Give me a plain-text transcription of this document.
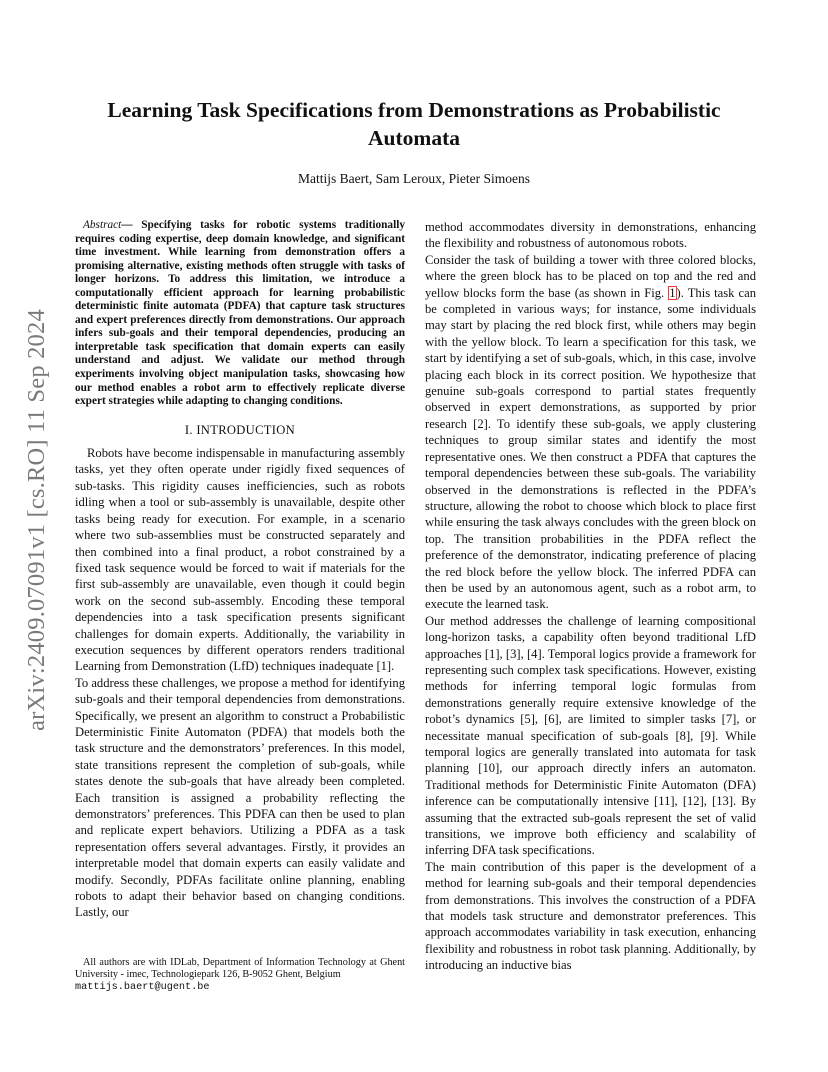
arXiv:2409.07091v1 [cs.RO] 11 Sep 2024
Learning Task Specifications from Demonstrations as Probabilistic Automata
Mattijs Baert, Sam Leroux, Pieter Simoens

Abstract— Specifying tasks for robotic systems traditionally requires coding expertise, deep domain knowledge, and significant time investment. While learning from demonstration offers a promising alternative, existing methods often struggle with tasks of longer horizons. To address this limitation, we introduce a computationally efficient approach for learning probabilistic deterministic finite automata (PDFA) that capture task structures and expert preferences directly from demonstrations. Our approach infers sub-goals and their temporal dependencies, producing an interpretable task specification that domain experts can easily understand and adjust. We validate our method through experiments involving object manipulation tasks, showcasing how our method enables a robot arm to effectively replicate diverse expert strategies while adapting to changing conditions.

I. INTRODUCTION

Robots have become indispensable in manufacturing assembly tasks, yet they often operate under rigidly fixed sequences of sub-tasks. This rigidity causes inefficiencies, such as robots idling when a tool or sub-assembly is unavailable, despite other tasks being ready for execution. For example, in a scenario where two sub-assemblies must be constructed separately and then combined into a final product, a robot constrained by a fixed task sequence would be forced to wait if materials for the first sub-assembly are unavailable, even though it could begin work on the second sub-assembly. Encoding these temporal dependencies into a task specification presents significant challenges for domain experts. Additionally, the variability in execution sequences by different operators renders traditional Learning from Demonstration (LfD) techniques inadequate [1].

To address these challenges, we propose a method for identifying sub-goals and their temporal dependencies from demonstrations. Specifically, we present an algorithm to construct a Probabilistic Deterministic Finite Automaton (PDFA) that models both the task structure and the demonstrators’ preferences. In this model, state transitions represent the completion of sub-goals, while states denote the sub-goals that have already been completed. Each transition is assigned a probability reflecting the demonstrators’ preferences. This PDFA can then be used to plan and replicate expert behaviors. Utilizing a PDFA as a task representation offers several advantages. Firstly, it provides an interpretable model that domain experts can easily validate and modify. Secondly, PDFAs facilitate online planning, enabling robots to adapt their behavior based on changing conditions. Lastly, our

method accommodates diversity in demonstrations, enhancing the flexibility and robustness of autonomous robots.

Consider the task of building a tower with three colored blocks, where the green block has to be placed on top and the red and yellow blocks form the base (as shown in Fig. 1). This task can be completed in various ways; for instance, some individuals may start by placing the red block first, while others may begin with the yellow block. To learn a specification for this task, we start by identifying a set of sub-goals, which, in this case, involve placing each block in its correct position. We hypothesize that genuine sub-goals correspond to partial states frequently observed in expert demonstrations, as supported by prior research [2]. To identify these sub-goals, we apply clustering techniques to group similar states and identify the most representative ones. We then construct a PDFA that captures the temporal dependencies between these sub-goals. The variability observed in the demonstrations is reflected in the PDFA’s structure, allowing the robot to choose which block to place first while ensuring the task always concludes with the green block on top. The transition probabilities in the PDFA reflect the preference of the demonstrator, indicating preference of placing the red block before the yellow block. The inferred PDFA can then be used by an autonomous agent, such as a robot arm, to execute the learned task.

Our method addresses the challenge of learning compositional long-horizon tasks, a capability often beyond traditional LfD approaches [1], [3], [4]. Temporal logics provide a framework for representing such complex task specifications. However, existing methods for inferring temporal logic formulas from demonstrations generally require extensive knowledge of the robot’s dynamics [5], [6], are limited to simpler tasks [7], or necessitate manual specification of sub-goals [8], [9]. While temporal logics are generally translated into automata for task planning [10], our approach directly infers an automaton. Traditional methods for Deterministic Finite Automaton (DFA) inference can be computationally intensive [11], [12], [13]. By assuming that the extracted sub-goals represent the set of valid transitions, we improve both efficiency and scalability of inferring DFA task specifications.

The main contribution of this paper is the development of a method for learning sub-goals and their temporal dependencies from demonstrations. This involves the construction of a PDFA that models task structure and demonstrator preferences. This approach accommodates variability in task execution, enhancing flexibility and robustness in robot task planning. Additionally, by introducing an inductive bias

All authors are with IDLab, Department of Information Technology at Ghent University - imec, Technologiepark 126, B-9052 Ghent, Belgium
mattijs.baert@ugent.be
